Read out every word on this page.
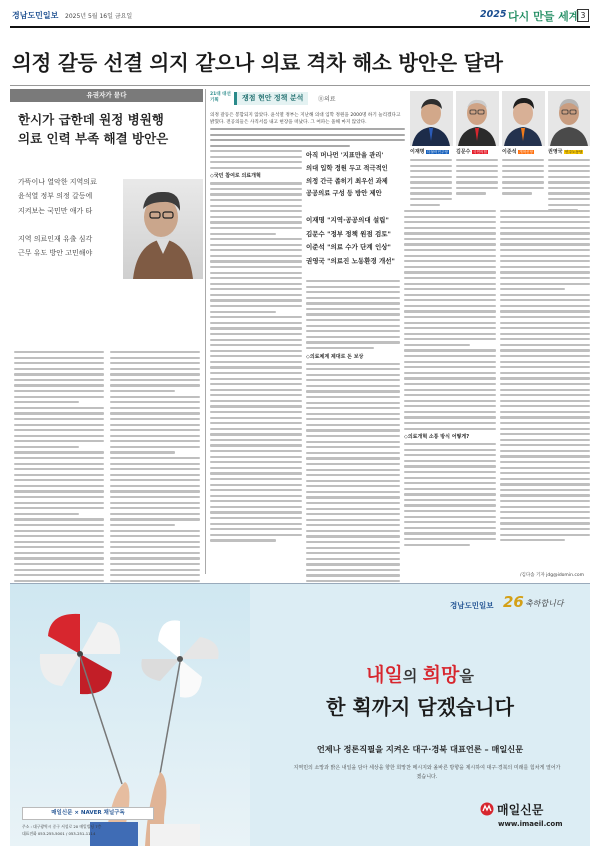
경남도민일보 2025년 5월 16일 금요일	2025 다시 만들 세계 3
의정 갈등 선결 의지 같으나 의료 격차 해소 방안은 달라
유권자가 묻다
한시가 급한데 원정 병원행
의료 인력 부족 해결 방안은
가뜩이나 열악한 지역의료
윤석열 정부 의정 갈등에
지켜보는 국민만 애가 타
지역 의료인재 유출 심각
근무 유도 방안 고민해야
21대 대선기획	쟁점 현안 정책 분석	⑪의료
의정 갈등은 봉합되지 않았다. 윤석열 정부는 지난해 의대 입학 정원을 2000명 하기 늘리겠다고 밝혔다. 전공의들은 사직서를 내고 현장을 떠났다. 그 여파는 올해 마지 않았다.
이재명 더불어민주당	김문수 국민의힘	이준석 개혁신당	권영국 민주노동당
◇국민 참여로 의료개혁
아직 머나먼 '지표만을 관리'
의대 입학 정원 두고 적극적인
의정 간극 좁히기 최우선 과제
공공의료 구성 등 방안 제안
이재명 "지역·공공의대 설립"
김문수 "정부 정책 원점 검토"
이준석 "의료 수가 단계 인상"
권영국 "의료진 노동환경 개선"
◇의료체계 제대로 돈 보상
◇의료개혁 소통 방식 어떻게?
/김다솜 기자 jdg@idomin.com
매일신문 × NAVER 채널구독
주소 : 대구광역시 중구 서성로 20 매일빌딩 7층
대표전화 053-255-5001 / 053-251-1114
경남도민일보 26 축하합니다
내일의 희망을
한 획까지 담겠습니다
언제나 정론직필을 지켜온 대구·경북 대표언론 – 매일신문
지역민의 소망과 밝은 내일을 담아 세상을 향한 희망찬 메시지와 올바른 방향을 제시하여 대구·경북의 미래를 힘차게 열어가겠습니다.
매일신문
www.imaeil.com
